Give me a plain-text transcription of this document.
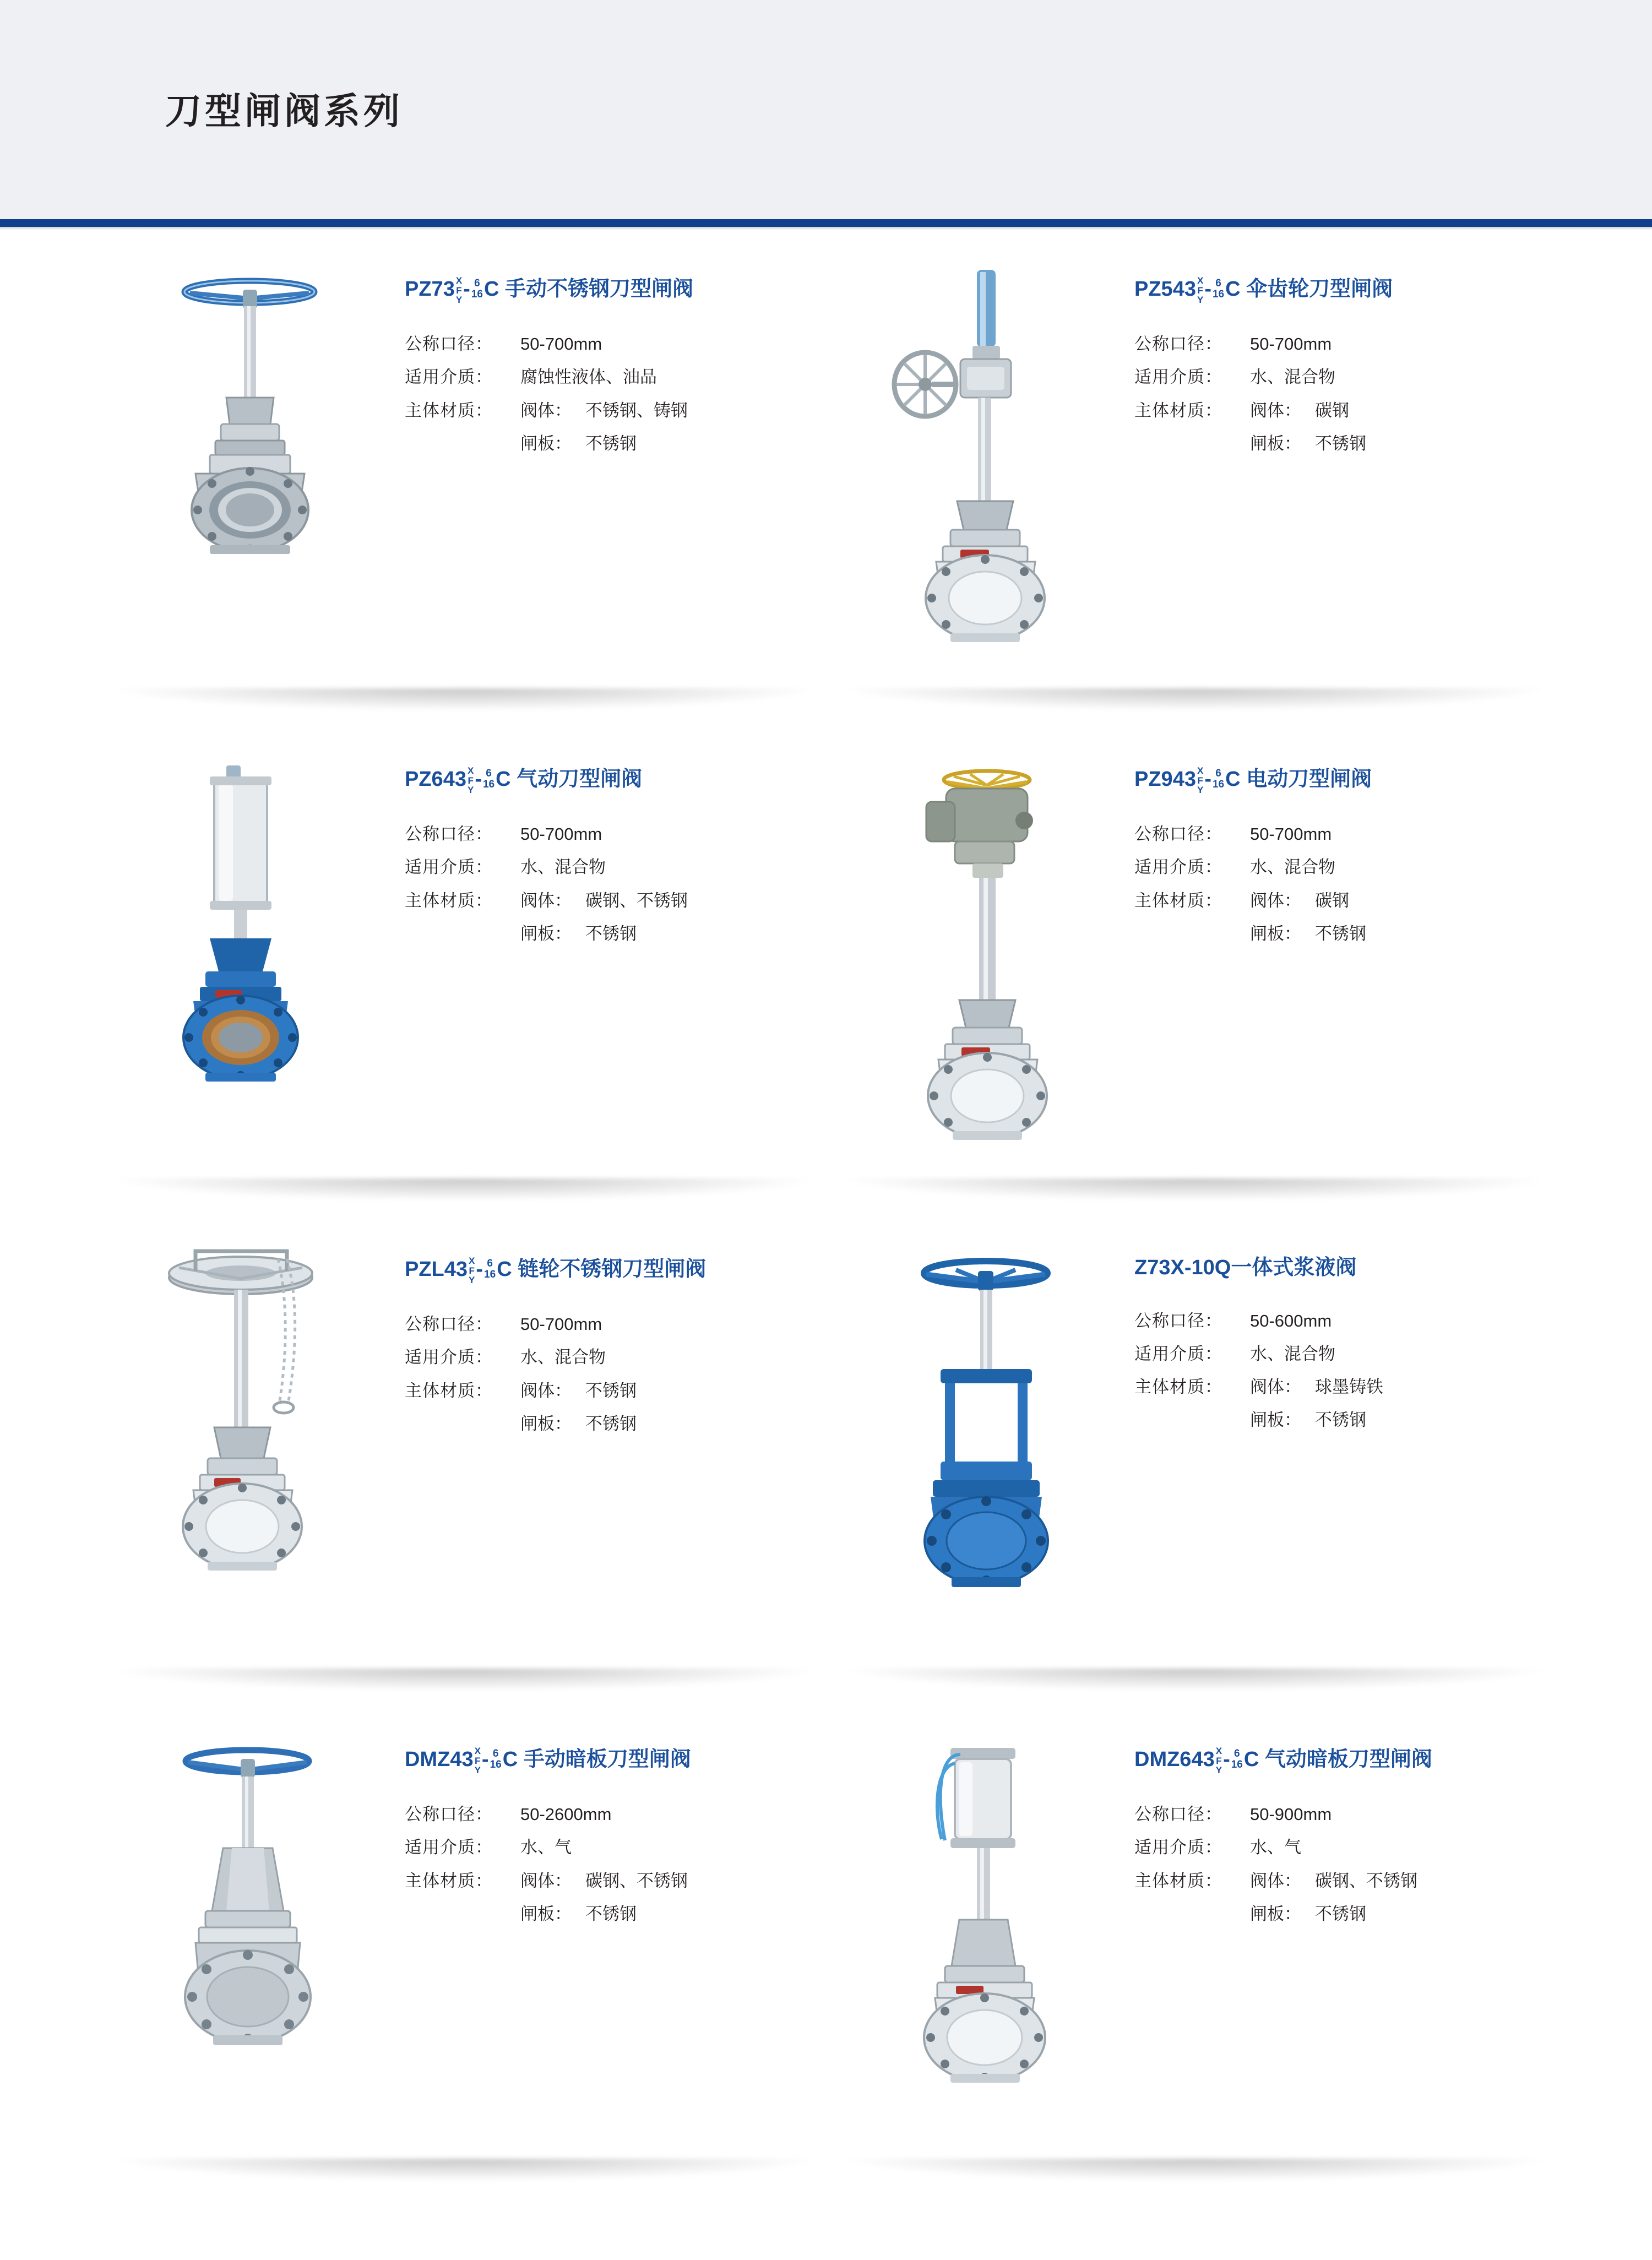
刀型闸阀系列
PZ73 X
F
Y - 6
16 C 手动不锈钢刀型闸阀
公称口径：	50-700mm
适用介质：	腐蚀性液体、油品
主体材质：	阀体： 不锈钢、铸钢
闸板： 不锈钢
PZ543 X
F
Y - 6
16 C 伞齿轮刀型闸阀
公称口径：	50-700mm
适用介质：	水、混合物
主体材质：	阀体： 碳钢
闸板： 不锈钢
PZ643 X
F
Y - 6
16 C 气动刀型闸阀
公称口径：	50-700mm
适用介质：	水、混合物
主体材质：	阀体： 碳钢、不锈钢
闸板： 不锈钢
PZ943 X
F
Y - 6
16 C 电动刀型闸阀
公称口径：	50-700mm
适用介质：	水、混合物
主体材质：	阀体： 碳钢
闸板： 不锈钢
PZL43 X
F
Y - 6
16 C 链轮不锈钢刀型闸阀
公称口径：	50-700mm
适用介质：	水、混合物
主体材质：	阀体： 不锈钢
闸板： 不锈钢
Z73X-10Q 一体式浆液阀
公称口径：	50-600mm
适用介质：	水、混合物
主体材质：	阀体： 球墨铸铁
闸板： 不锈钢
DMZ43 X
F
Y - 6
16 C 手动暗板刀型闸阀
公称口径：	50-2600mm
适用介质：	水、气
主体材质：	阀体： 碳钢、不锈钢
闸板： 不锈钢
DMZ643 X
F
Y - 6
16 C 气动暗板刀型闸阀
公称口径：	50-900mm
适用介质：	水、气
主体材质：	阀体： 碳钢、不锈钢
闸板： 不锈钢
